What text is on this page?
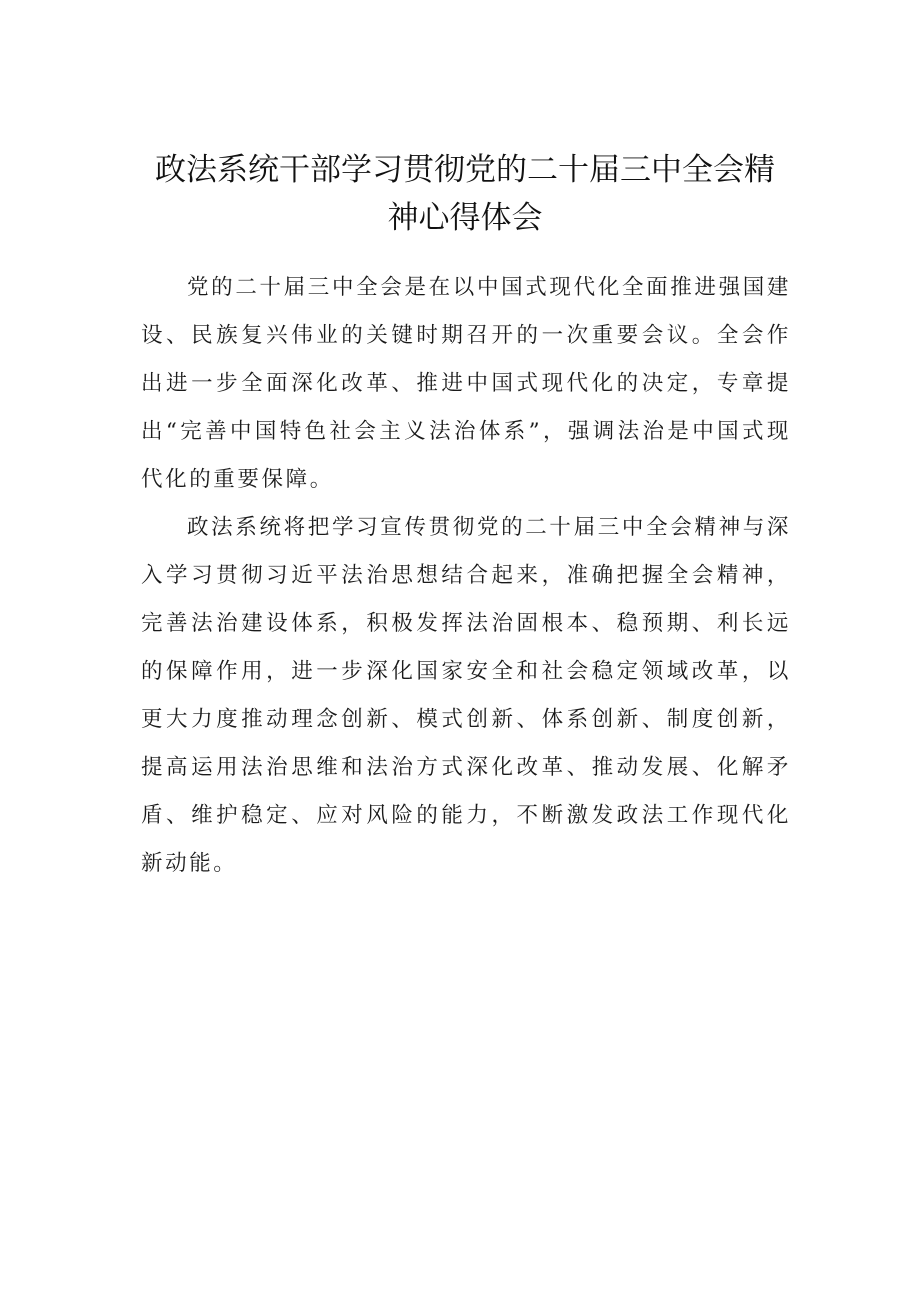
政法系统干部学习贯彻党的二十届三中全会精神心得体会

党的二十届三中全会是在以中国式现代化全面推进强国建设、民族复兴伟业的关键时期召开的一次重要会议。全会作出进一步全面深化改革、推进中国式现代化的决定，专章提出“完善中国特色社会主义法治体系”，强调法治是中国式现代化的重要保障。

政法系统将把学习宣传贯彻党的二十届三中全会精神与深入学习贯彻习近平法治思想结合起来，准确把握全会精神，完善法治建设体系，积极发挥法治固根本、稳预期、利长远的保障作用，进一步深化国家安全和社会稳定领域改革，以更大力度推动理念创新、模式创新、体系创新、制度创新，提高运用法治思维和法治方式深化改革、推动发展、化解矛盾、维护稳定、应对风险的能力，不断激发政法工作现代化新动能。
